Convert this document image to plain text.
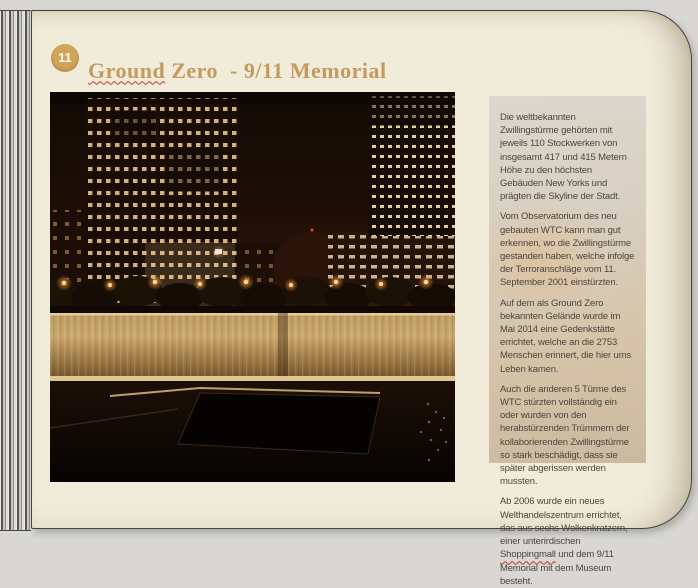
11 Ground Zero  - 9/11 Memorial

Die weltbekannten Zwillingstürme gehörten mit jeweils 110 Stockwerken von insgesamt 417 und 415 Metern Höhe zu den höchsten Gebäuden New Yorks und prägten die Skyline der Stadt.

Vom Observatorium des neu gebauten WTC kann man gut erkennen, wo die Zwillingstürme gestanden haben, welche infolge der Terroranschläge vom 11. September 2001 einstürzten.

Auf dem als Ground Zero bekannten Gelände wurde im Mai 2014 eine Gedenkstätte errichtet, welche an die 2753 Menschen erinnert, die hier ums Leben kamen.

Auch die anderen 5 Türme des WTC stürzten vollständig ein oder wurden von den herabstürzenden Trümmern der kollaborierenden Zwillingstürme so stark beschädigt, dass sie später abgerissen werden mussten.

Ab 2006 wurde ein neues Welthandelszentrum errichtet, das aus sechs Wolkenkratzern, einer unterirdischen Shoppingmall und dem 9/11 Memorial mit dem Museum besteht.
